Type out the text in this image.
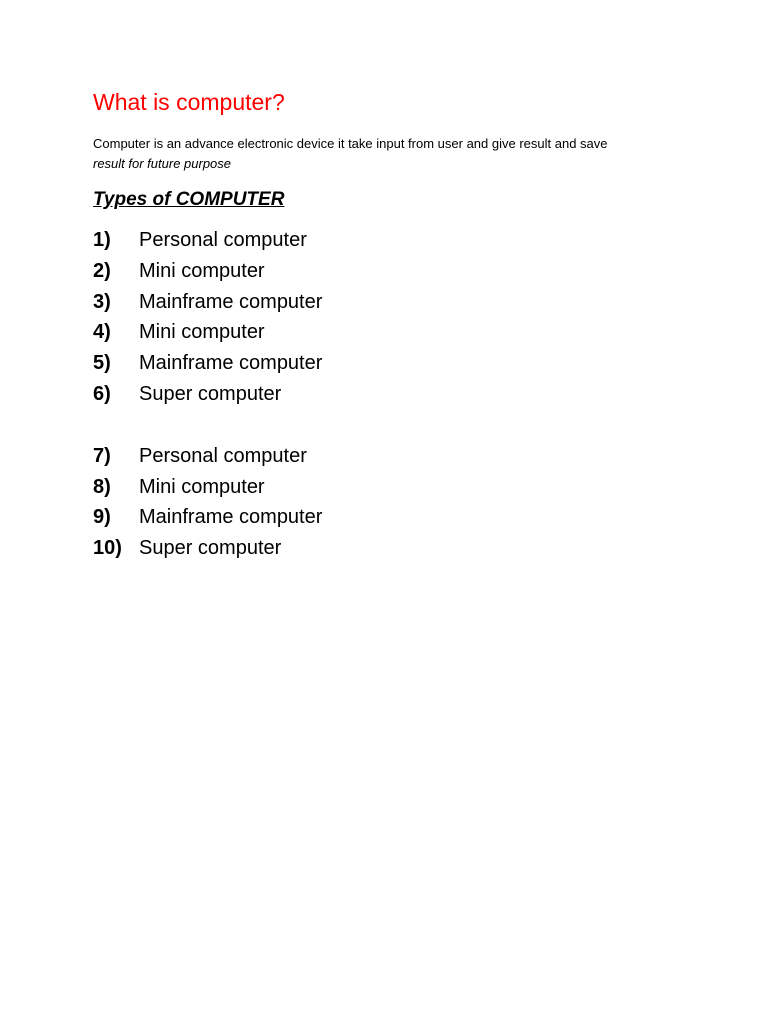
What is computer?
Computer is an advance electronic device it take input from user and give result and save
result for future purpose
Types of COMPUTER
1)	Personal computer
2)	Mini computer
3)	Mainframe computer
4)	Mini computer
5)	Mainframe computer
6)	Super computer
7)	Personal computer
8)	Mini computer
9)	Mainframe computer
10) Super computer
